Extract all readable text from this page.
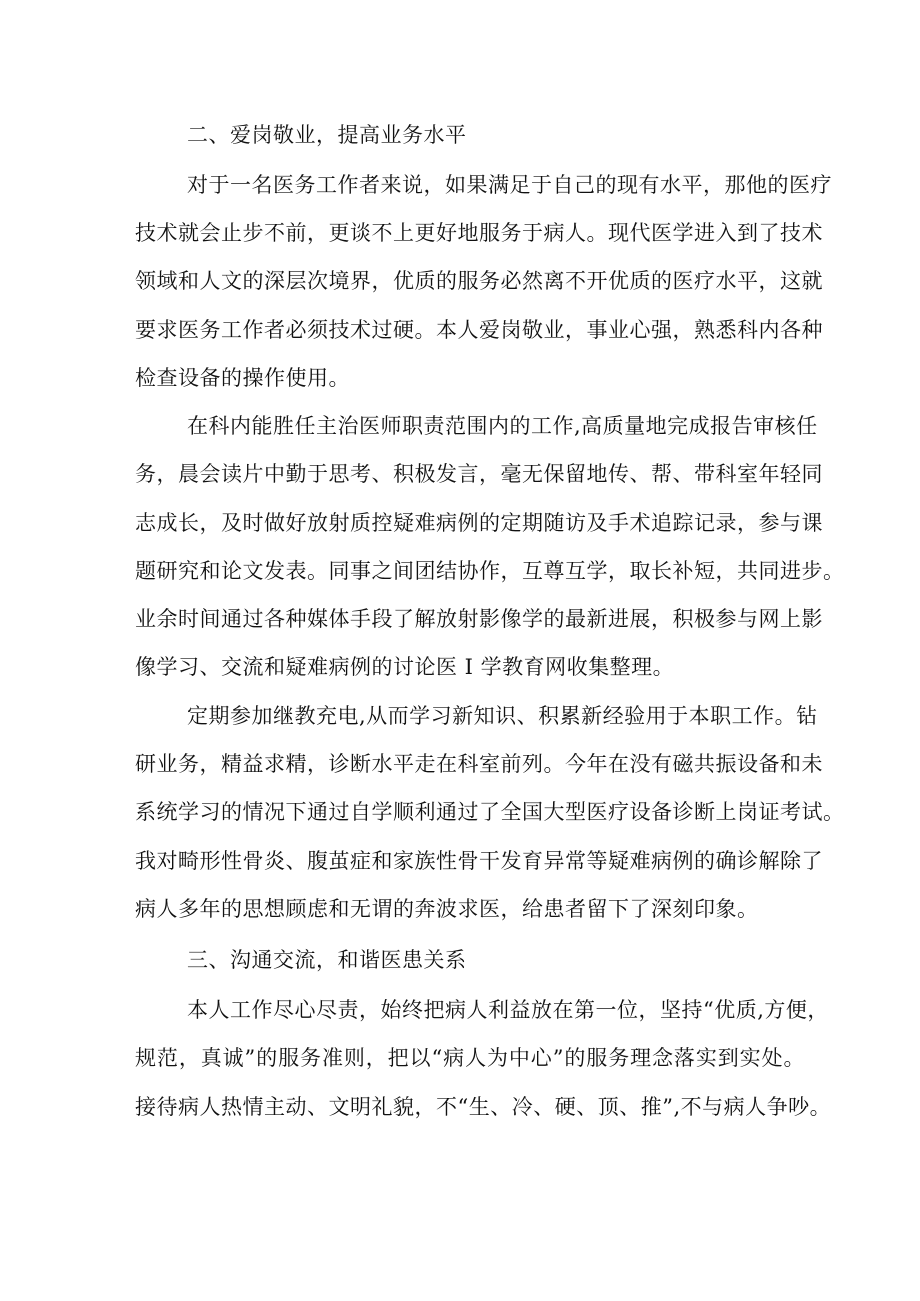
二、爱岗敬业，提高业务水平

对于一名医务工作者来说，如果满足于自己的现有水平，那他的医疗

技术就会止步不前，更谈不上更好地服务于病人。现代医学进入到了技术

领域和人文的深层次境界，优质的服务必然离不开优质的医疗水平，这就

要求医务工作者必须技术过硬。本人爱岗敬业，事业心强，熟悉科内各种

检查设备的操作使用。

在科内能胜任主治医师职责范围内的工作,高质量地完成报告审核任

务，晨会读片中勤于思考、积极发言，毫无保留地传、帮、带科室年轻同

志成长，及时做好放射质控疑难病例的定期随访及手术追踪记录，参与课

题研究和论文发表。同事之间团结协作，互尊互学，取长补短，共同进步。

业余时间通过各种媒体手段了解放射影像学的最新进展，积极参与网上影

像学习、交流和疑难病例的讨论医 I 学教育网收集整理。

定期参加继教充电,从而学习新知识、积累新经验用于本职工作。钻

研业务，精益求精，诊断水平走在科室前列。今年在没有磁共振设备和未

系统学习的情况下通过自学顺利通过了全国大型医疗设备诊断上岗证考试。

我对畸形性骨炎、腹茧症和家族性骨干发育异常等疑难病例的确诊解除了

病人多年的思想顾虑和无谓的奔波求医，给患者留下了深刻印象。

三、沟通交流，和谐医患关系

本人工作尽心尽责，始终把病人利益放在第一位，坚持“优质,方便，

规范，真诚”的服务准则，把以“病人为中心”的服务理念落实到实处。

接待病人热情主动、文明礼貌，不“生、冷、硬、顶、推”,不与病人争吵。
